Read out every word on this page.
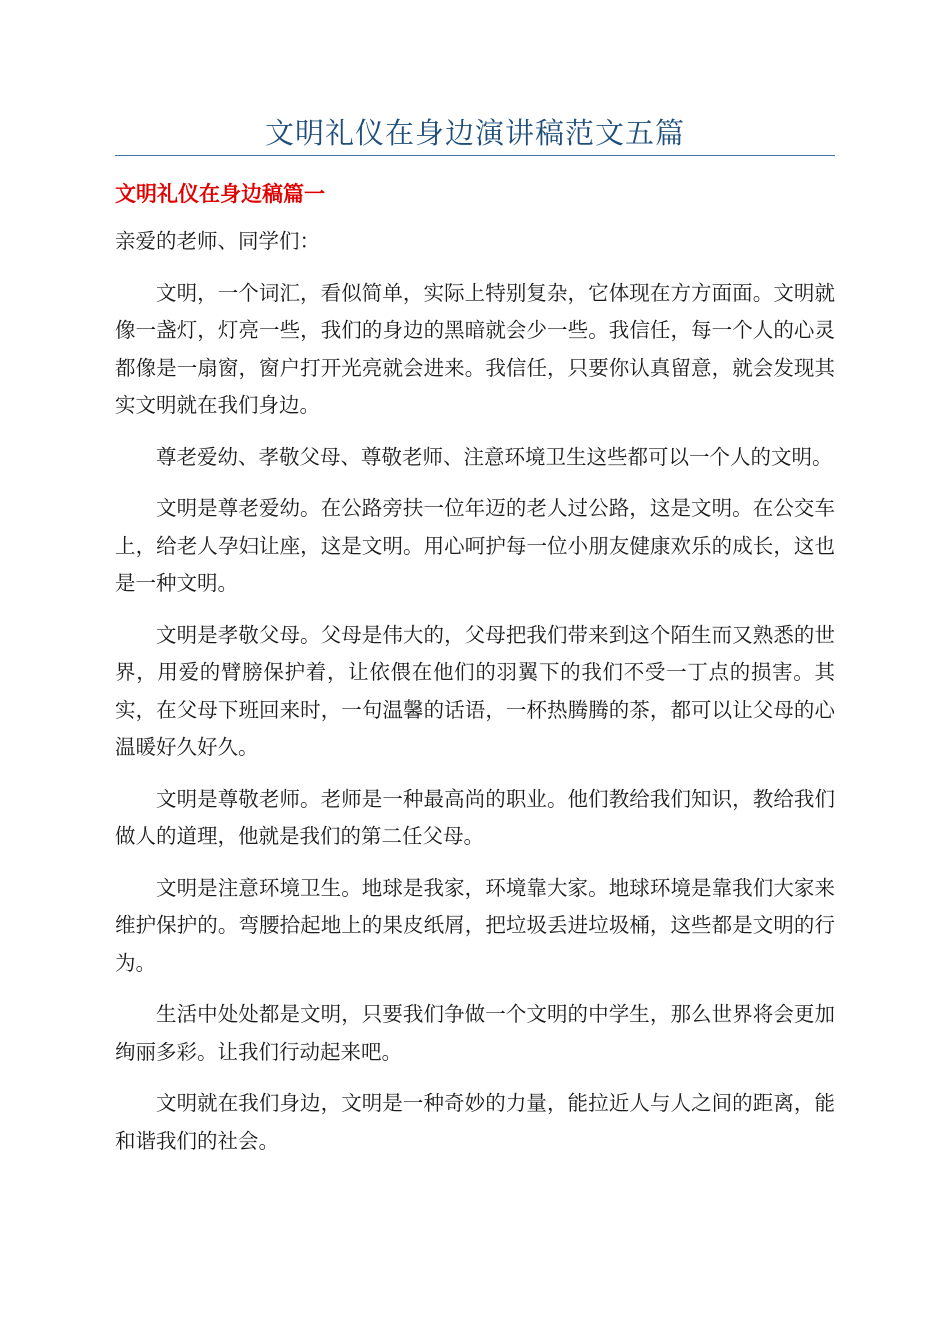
文明礼仪在身边演讲稿范文五篇
文明礼仪在身边稿篇一

亲爱的老师、同学们：

文明，一个词汇，看似简单，实际上特别复杂，它体现在方方面面。文明就像一盏灯，灯亮一些，我们的身边的黑暗就会少一些。我信任，每一个人的心灵都像是一扇窗，窗户打开光亮就会进来。我信任，只要你认真留意，就会发现其实文明就在我们身边。

尊老爱幼、孝敬父母、尊敬老师、注意环境卫生这些都可以一个人的文明。

文明是尊老爱幼。在公路旁扶一位年迈的老人过公路，这是文明。在公交车上，给老人孕妇让座，这是文明。用心呵护每一位小朋友健康欢乐的成长，这也是一种文明。

文明是孝敬父母。父母是伟大的，父母把我们带来到这个陌生而又熟悉的世界，用爱的臂膀保护着，让依偎在他们的羽翼下的我们不受一丁点的损害。其实，在父母下班回来时，一句温馨的话语，一杯热腾腾的茶，都可以让父母的心温暖好久好久。

文明是尊敬老师。老师是一种最高尚的职业。他们教给我们知识，教给我们做人的道理，他就是我们的第二任父母。

文明是注意环境卫生。地球是我家，环境靠大家。地球环境是靠我们大家来维护保护的。弯腰拾起地上的果皮纸屑，把垃圾丢进垃圾桶，这些都是文明的行为。

生活中处处都是文明，只要我们争做一个文明的中学生，那么世界将会更加绚丽多彩。让我们行动起来吧。

文明就在我们身边，文明是一种奇妙的力量，能拉近人与人之间的距离，能和谐我们的社会。
